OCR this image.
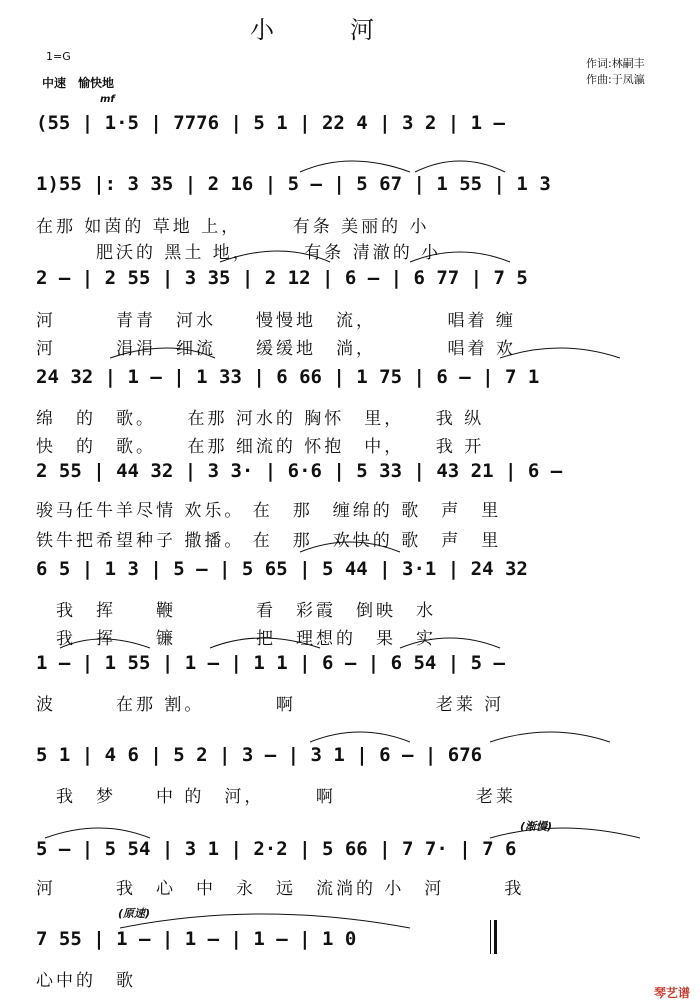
小　河
1=G
中速　愉快地
作词:林嗣丰
作曲:于凤瀛
mf
(渐慢)
(原速)
(55 | 1·5 | 7776 | 5 1 | 22 4 | 3 2 | 1 –
1)55 |: 3 35 | 2 16 | 5 – | 5 67 | 1 55 | 1 3
在那 如茵的 草地 上，　　　有条 美丽的 小
　　　肥沃的 黑土 地，　　　有条 清澈的 小
2 – | 2 55 | 3 35 | 2 12 | 6 – | 6 77 | 7 5
河　　　青青　河水　　慢慢地　流，　　　　唱着 缠
河　　　涓涓　细流　　缓缓地　淌，　　　　唱着 欢
24 32 | 1 – | 1 33 | 6 66 | 1 75 | 6 – | 7 1
绵　的　歌。　　在那 河水的 胸怀　里，　　我 纵
快　的　歌。　　在那 细流的 怀抱　中，　　我 开
2 55 | 44 32 | 3 3· | 6·6 | 5 33 | 43 21 | 6 –
骏马任牛羊尽情 欢乐。 在　那　缠绵的 歌　声　里
铁牛把希望种子 撒播。 在　那　欢快的 歌　声　里
6 5 | 1 3 | 5 – | 5 65 | 5 44 | 3·1 | 24 32
　我　挥　　鞭　　　　看　彩霞　倒映　水
　我　挥　　镰　　　　把　理想的　果　实
1 – | 1 55 | 1 – | 1 1 | 6 – | 6 54 | 5 –
波　　　在那 割。　　　　啊　　　　　　　老莱 河
5 1 | 4 6 | 5 2 | 3 – | 3 1 | 6 – | 676
　我　梦　　中 的　河，　　　啊　　　　　　　老莱
5 – | 5 54 | 3 1 | 2·2 | 5 66 | 7 7· | 7 6
河　　　我　心　中　永　远　流淌的 小　河　　　我
7 55 | 1 – | 1 – | 1 – | 1 0
心中的　歌
琴艺谱
